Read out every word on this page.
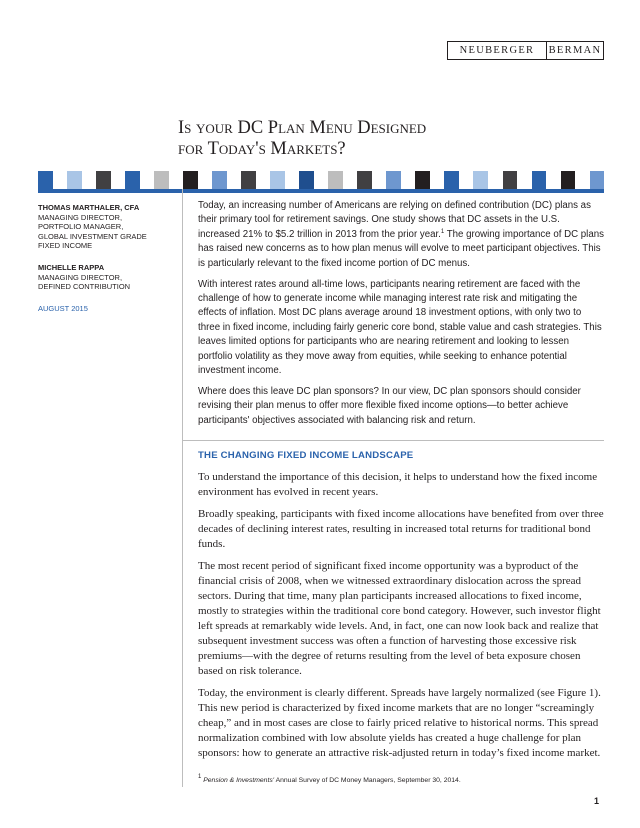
NEUBERGER	BERMAN
Is your DC Plan Menu Designed
for Today's Markets?
THOMAS MARTHALER, CFA
MANAGING DIRECTOR,
PORTFOLIO MANAGER,
GLOBAL INVESTMENT GRADE
FIXED INCOME
MICHELLE RAPPA
MANAGING DIRECTOR,
DEFINED CONTRIBUTION
AUGUST 2015

Today, an increasing number of Americans are relying on defined contribution (DC) plans as their primary tool for retirement savings. One study shows that DC assets in the U.S. increased 21% to $5.2 trillion in 2013 from the prior year.$^1$ The growing importance of DC plans has raised new concerns as to how plan menus will evolve to meet participant objectives. This is particularly relevant to the fixed income portion of DC menus.

With interest rates around all-time lows, participants nearing retirement are faced with the challenge of how to generate income while managing interest rate risk and mitigating the effects of inflation. Most DC plans average around 18 investment options, with only two to three in fixed income, including fairly generic core bond, stable value and cash strategies. This leaves limited options for participants who are nearing retirement and looking to lessen portfolio volatility as they move away from equities, while seeking to enhance potential investment income.

Where does this leave DC plan sponsors? In our view, DC plan sponsors should consider revising their plan menus to offer more flexible fixed income options—to better achieve participants' objectives associated with balancing risk and return.

THE CHANGING FIXED INCOME LANDSCAPE

To understand the importance of this decision, it helps to understand how the fixed income environment has evolved in recent years.

Broadly speaking, participants with fixed income allocations have benefited from over three decades of declining interest rates, resulting in increased total returns for traditional bond funds.

The most recent period of significant fixed income opportunity was a byproduct of the financial crisis of 2008, when we witnessed extraordinary dislocation across the spread sectors. During that time, many plan participants increased allocations to fixed income, mostly to strategies within the traditional core bond category. However, such investor flight left spreads at remarkably wide levels. And, in fact, one can now look back and realize that subsequent investment success was often a function of harvesting those excessive risk premiums—with the degree of returns resulting from the level of beta exposure chosen based on risk tolerance.

Today, the environment is clearly different. Spreads have largely normalized (see Figure 1). This new period is characterized by fixed income markets that are no longer “screamingly cheap,” and in most cases are close to fairly priced relative to historical norms. This spread normalization combined with low absolute yields has created a huge challenge for plan sponsors: how to generate an attractive risk-adjusted return in today’s fixed income market.

$^1$ Pension & Investments' Annual Survey of DC Money Managers, September 30, 2014.
1
